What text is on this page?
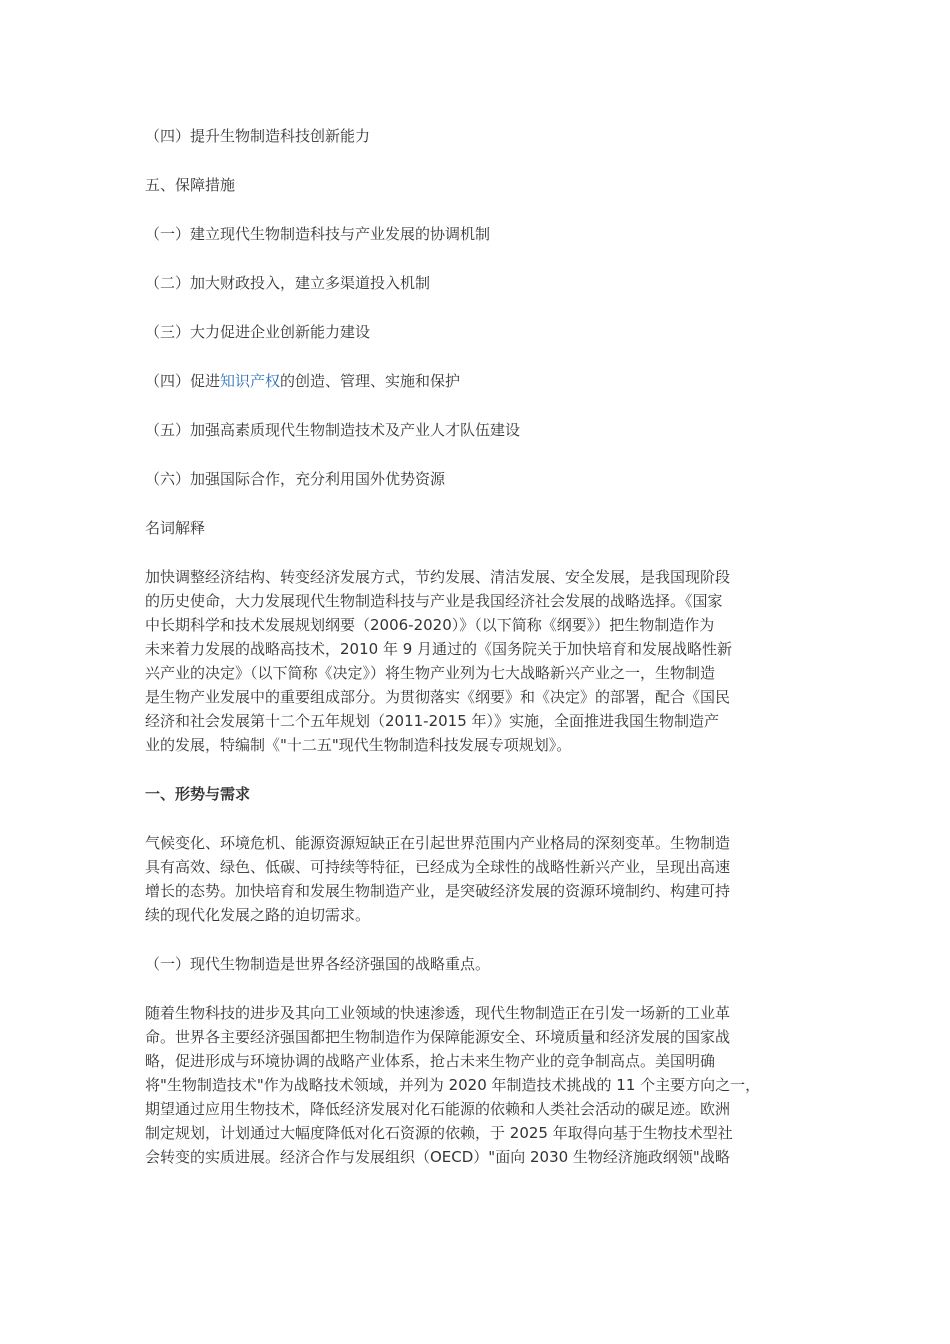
（四）提升生物制造科技创新能力
五、保障措施
（一）建立现代生物制造科技与产业发展的协调机制
（二）加大财政投入，建立多渠道投入机制
（三）大力促进企业创新能力建设
（四）促进知识产权的创造、管理、实施和保护
（五）加强高素质现代生物制造技术及产业人才队伍建设
（六）加强国际合作，充分利用国外优势资源
名词解释
加快调整经济结构、转变经济发展方式，节约发展、清洁发展、安全发展，是我国现阶段
的历史使命，大力发展现代生物制造科技与产业是我国经济社会发展的战略选择。《国家
中长期科学和技术发展规划纲要（2006-2020）》（以下简称《纲要》）把生物制造作为
未来着力发展的战略高技术，2010 年 9 月通过的《国务院关于加快培育和发展战略性新
兴产业的决定》（以下简称《决定》）将生物产业列为七大战略新兴产业之一，生物制造
是生物产业发展中的重要组成部分。为贯彻落实《纲要》和《决定》的部署，配合《国民
经济和社会发展第十二个五年规划（2011-2015 年）》实施，全面推进我国生物制造产
业的发展，特编制《"十二五"现代生物制造科技发展专项规划》。
一、形势与需求
气候变化、环境危机、能源资源短缺正在引起世界范围内产业格局的深刻变革。生物制造
具有高效、绿色、低碳、可持续等特征，已经成为全球性的战略性新兴产业，呈现出高速
增长的态势。加快培育和发展生物制造产业，是突破经济发展的资源环境制约、构建可持
续的现代化发展之路的迫切需求。
（一）现代生物制造是世界各经济强国的战略重点。
随着生物科技的进步及其向工业领域的快速渗透，现代生物制造正在引发一场新的工业革
命。世界各主要经济强国都把生物制造作为保障能源安全、环境质量和经济发展的国家战
略，促进形成与环境协调的战略产业体系，抢占未来生物产业的竞争制高点。美国明确
将"生物制造技术"作为战略技术领域，并列为 2020 年制造技术挑战的 11 个主要方向之一，
期望通过应用生物技术，降低经济发展对化石能源的依赖和人类社会活动的碳足迹。欧洲
制定规划，计划通过大幅度降低对化石资源的依赖，于 2025 年取得向基于生物技术型社
会转变的实质进展。经济合作与发展组织（OECD）"面向 2030 生物经济施政纲领"战略
